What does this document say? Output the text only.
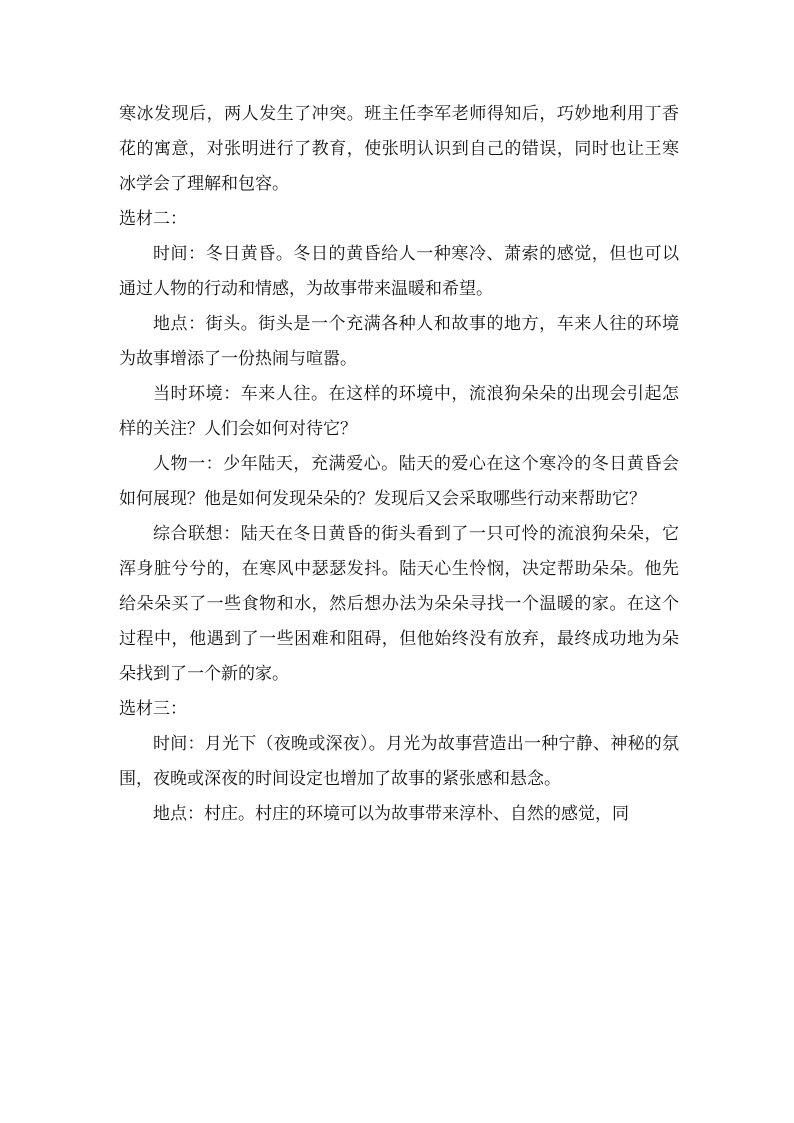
寒冰发现后，两人发生了冲突。班主任李军老师得知后，巧妙地利用丁香花的寓意，对张明进行了教育，使张明认识到自己的错误，同时也让王寒冰学会了理解和包容。

选材二：

时间：冬日黄昏。冬日的黄昏给人一种寒冷、萧索的感觉，但也可以通过人物的行动和情感，为故事带来温暖和希望。

地点：街头。街头是一个充满各种人和故事的地方，车来人往的环境为故事增添了一份热闹与喧嚣。

当时环境：车来人往。在这样的环境中，流浪狗朵朵的出现会引起怎样的关注？人们会如何对待它？

人物一：少年陆天，充满爱心。陆天的爱心在这个寒冷的冬日黄昏会如何展现？他是如何发现朵朵的？发现后又会采取哪些行动来帮助它？

综合联想：陆天在冬日黄昏的街头看到了一只可怜的流浪狗朵朵，它浑身脏兮兮的，在寒风中瑟瑟发抖。陆天心生怜悯，决定帮助朵朵。他先给朵朵买了一些食物和水，然后想办法为朵朵寻找一个温暖的家。在这个过程中，他遇到了一些困难和阻碍，但他始终没有放弃，最终成功地为朵朵找到了一个新的家。

选材三：

时间：月光下（夜晚或深夜）。月光为故事营造出一种宁静、神秘的氛围，夜晚或深夜的时间设定也增加了故事的紧张感和悬念。

地点：村庄。村庄的环境可以为故事带来淳朴、自然的感觉，同
